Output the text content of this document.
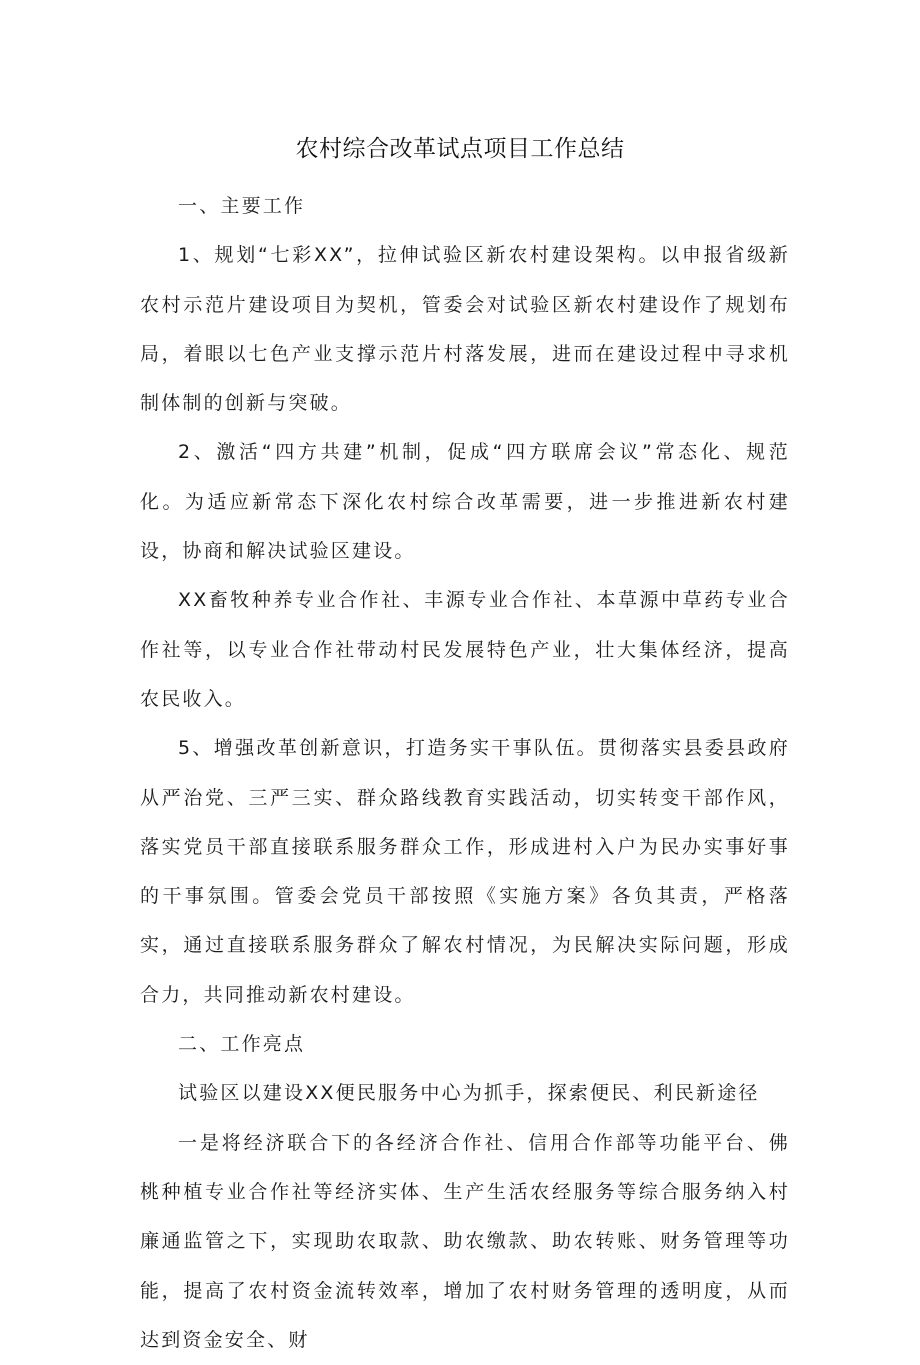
农村综合改革试点项目工作总结

一、主要工作

1、规划“七彩XX”，拉伸试验区新农村建设架构。以申报省级新农村示范片建设项目为契机，管委会对试验区新农村建设作了规划布局，着眼以七色产业支撑示范片村落发展，进而在建设过程中寻求机制体制的创新与突破。

2、激活“四方共建”机制，促成“四方联席会议”常态化、规范化。为适应新常态下深化农村综合改革需要，进一步推进新农村建设，协商和解决试验区建设。

XX畜牧种养专业合作社、丰源专业合作社、本草源中草药专业合作社等，以专业合作社带动村民发展特色产业，壮大集体经济，提高农民收入。

5、增强改革创新意识，打造务实干事队伍。贯彻落实县委县政府从严治党、三严三实、群众路线教育实践活动，切实转变干部作风，落实党员干部直接联系服务群众工作，形成进村入户为民办实事好事的干事氛围。管委会党员干部按照《实施方案》各负其责，严格落实，通过直接联系服务群众了解农村情况，为民解决实际问题，形成合力，共同推动新农村建设。

二、工作亮点

试验区以建设XX便民服务中心为抓手，探索便民、利民新途径

一是将经济联合下的各经济合作社、信用合作部等功能平台、佛桃种植专业合作社等经济实体、生产生活农经服务等综合服务纳入村廉通监管之下，实现助农取款、助农缴款、助农转账、财务管理等功能，提高了农村资金流转效率，增加了农村财务管理的透明度，从而达到资金安全、财
